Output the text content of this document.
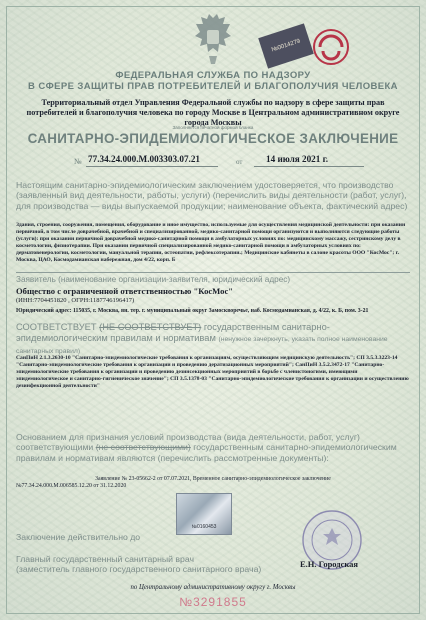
№0014279
ФЕДЕРАЛЬНАЯ СЛУЖБА ПО НАДЗОРУ
В СФЕРЕ ЗАЩИТЫ ПРАВ ПОТРЕБИТЕЛЕЙ И БЛАГОПОЛУЧИЯ ЧЕЛОВЕКА
Территориальный отдел Управления Федеральной службы по надзору в сфере защиты прав потребителей и благополучия человека по городу Москве в Центральном административном округе города Москвы
Заполняется печатной формой бланка
САНИТАРНО-ЭПИДЕМИОЛОГИЧЕСКОЕ ЗАКЛЮЧЕНИЕ
№ 77.34.24.000.М.003303.07.21	от	14 июля 2021 г.
Настоящим санитарно-эпидемиологическим заключением удостоверяется, что производство (заявленный вид деятельности, работы, услуги) (перечислить виды деятельности (работ, услуг), для производства — виды выпускаемой продукции; наименование объекта, фактический адрес)
Здания, строения, сооружения, помещения, оборудование и иное имущество, используемые для осуществления медицинской деятельности: при оказании первичной, в том числе доврачебной, врачебной и специализированной, медико-санитарной помощи организуются и выполняются следующие работы (услуги): при оказании первичной доврачебной медико-санитарной помощи в амбулаторных условиях по: медицинскому массажу, сестринскому делу в косметологии, физиотерапии. При оказании первичной специализированной медико-санитарной помощи в амбулаторных условиях по: дерматовенерологии, косметологии, мануальной терапии, остеопатии, рефлексотерапии.; Медицинские кабинеты в салоне красоты ООО "КосМос"; г. Москва, ЦАО, Космодамианская набережная, дом 4/22, корп. Б
Заявитель (наименование организации-заявителя, юридический адрес)
Общество с ограниченной ответственностью "КосМос"
(ИНН:7704451820 , ОГРН:1187746196417)
Юридический адрес: 115035, г. Москва, вн. тер. г. муниципальный округ Замоскворечье, наб. Космодамианская, д. 4/22, к. Б, пом. 3-21
СООТВЕТСТВУЕТ (НЕ СООТВЕТСТВУЕТ) государственным санитарно-эпидемиологическим правилам и нормативам (ненужное зачеркнуть, указать полное наименование санитарных правил)
СанПиН 2.1.3.2630-10 "Санитарно-эпидемиологические требования к организациям, осуществляющим медицинскую деятельность"; СП 3.5.3.3223-14 "Санитарно-эпидемиологические требования к организации и проведению дератизационных мероприятий"; СанПиН 3.5.2.3472-17 "Санитарно-эпидемиологические требования к организации и проведению дезинсекционных мероприятий в борьбе с членистоногими, имеющими эпидемиологическое и санитарно-гигиеническое значение"; СП 3.5.1378-03 "Санитарно-эпидемиологические требования к организации и осуществлению дезинфекционной деятельности"
Основанием для признания условий производства (вида деятельности, работ, услуг) соответствующими (не соответствующими) государственным санитарно-эпидемиологическим правилам и нормативам являются (перечислить рассмотренные документы):
Заявление № 23-05662-2 от 07.07.2021, Временное санитарно-эпидемиологическое заключение
№77.34.24.000.М.006585.12.20 от 31.12.2020
№0160453
Заключение действительно до
Главный государственный санитарный врач
(заместитель главного государственного санитарного врача)
Е.Н. Городская
по Центральному административному округу г. Москвы
№3291855
